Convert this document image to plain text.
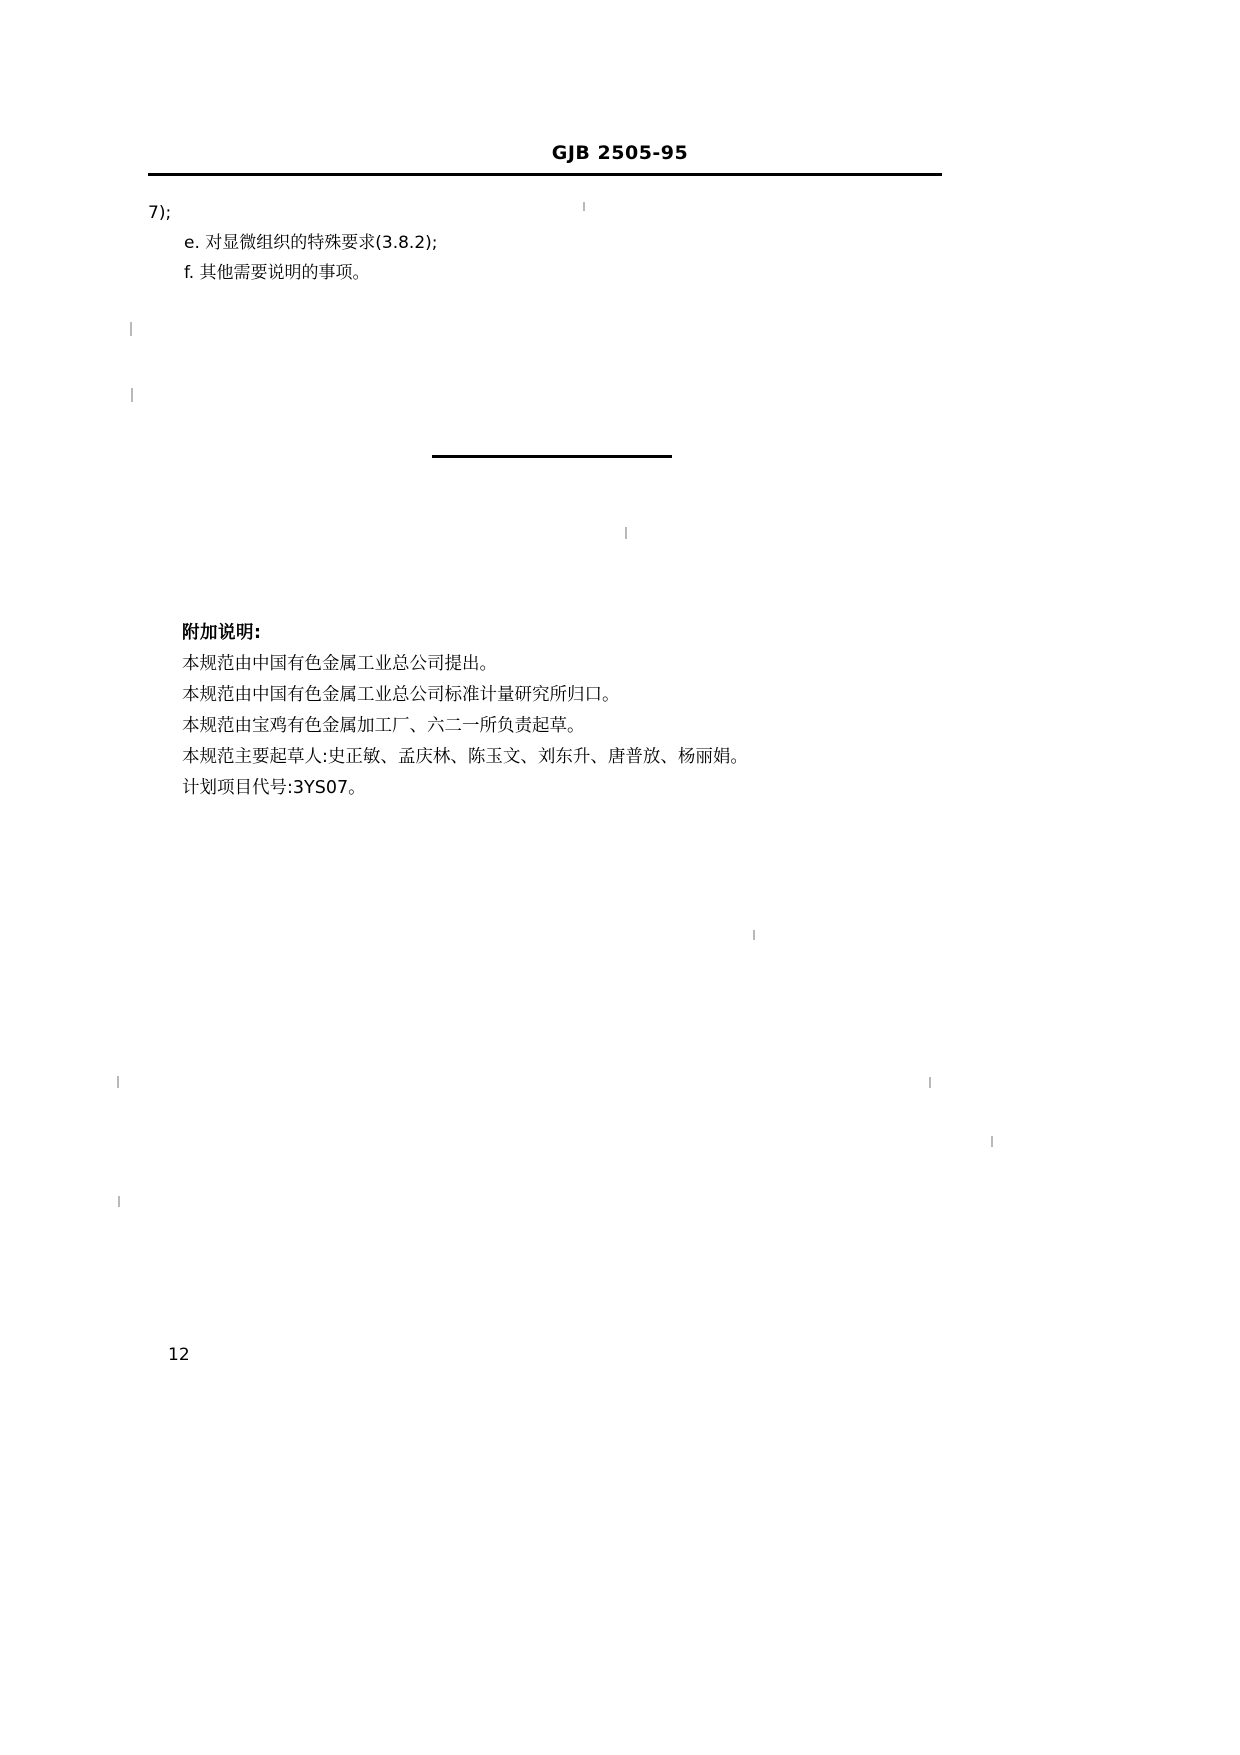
GJB 2505-95
7);
e. 对显微组织的特殊要求(3.8.2);
f. 其他需要说明的事项。
附加说明:
本规范由中国有色金属工业总公司提出。
本规范由中国有色金属工业总公司标准计量研究所归口。
本规范由宝鸡有色金属加工厂、六二一所负责起草。
本规范主要起草人:史正敏、孟庆林、陈玉文、刘东升、唐普放、杨丽娟。
计划项目代号:3YS07。
12
